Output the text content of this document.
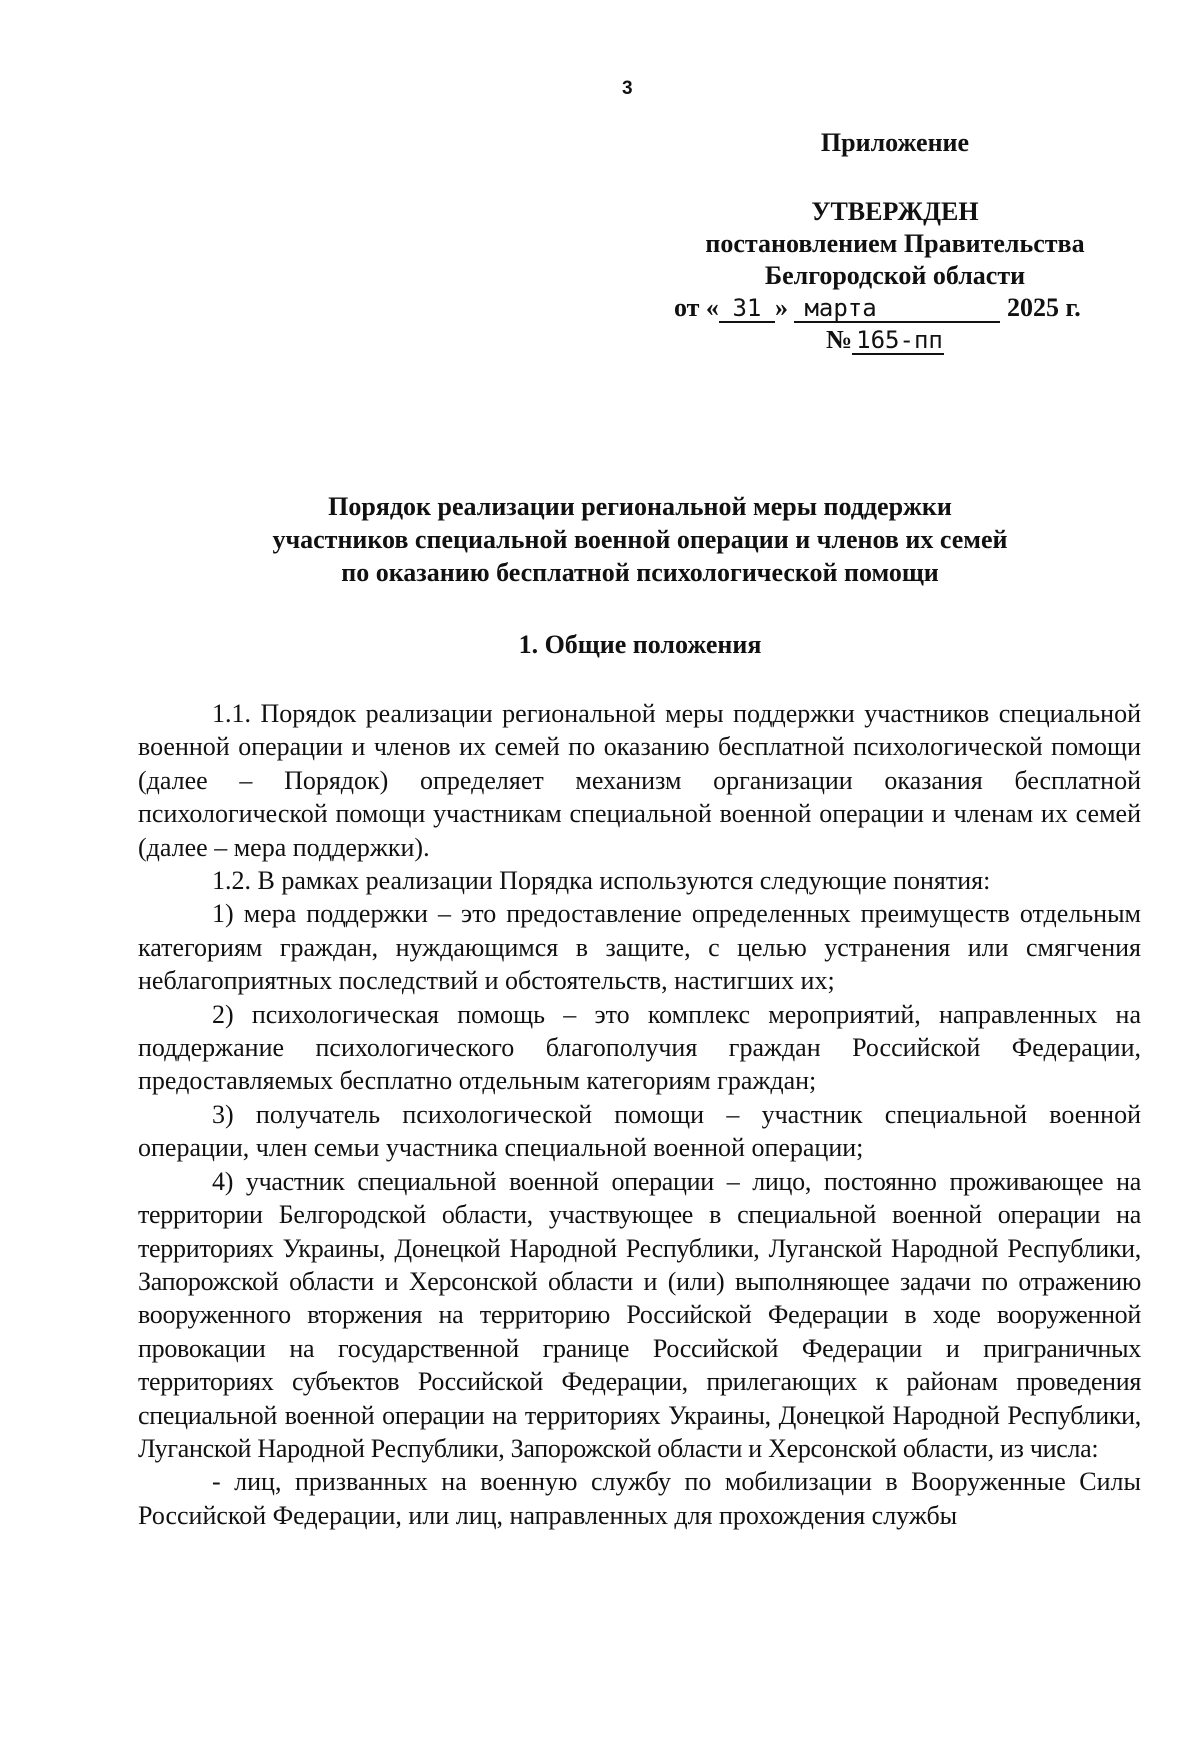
3
Приложение
УТВЕРЖДЕН
постановлением Правительства
Белгородской области
от « 31 » марта	2025 г.
№ 165-пп
Порядок реализации региональной меры поддержки
участников специальной военной операции и членов их семей
по оказанию бесплатной психологической помощи
1. Общие положения

1.1. Порядок реализации региональной меры поддержки участников специальной военной операции и членов их семей по оказанию бесплатной психологической помощи (далее – Порядок) определяет механизм организации оказания бесплатной психологической помощи участникам специальной военной операции и членам их семей (далее – мера поддержки).

1.2. В рамках реализации Порядка используются следующие понятия:

1) мера поддержки – это предоставление определенных преимуществ отдельным категориям граждан, нуждающимся в защите, с целью устранения или смягчения неблагоприятных последствий и обстоятельств, настигших их;

2) психологическая помощь – это комплекс мероприятий, направленных на поддержание психологического благополучия граждан Российской Федерации, предоставляемых бесплатно отдельным категориям граждан;

3) получатель психологической помощи – участник специальной военной операции, член семьи участника специальной военной операции;

4) участник специальной военной операции – лицо, постоянно проживающее на территории Белгородской области, участвующее в специальной военной операции на территориях Украины, Донецкой Народной Республики, Луганской Народной Республики, Запорожской области и Херсонской области и (или) выполняющее задачи по отражению вооруженного вторжения на территорию Российской Федерации в ходе вооруженной провокации на государственной границе Российской Федерации и приграничных территориях субъектов Российской Федерации, прилегающих к районам проведения специальной военной операции на территориях Украины, Донецкой Народной Республики, Луганской Народной Республики, Запорожской области и Херсонской области, из числа:

- лиц, призванных на военную службу по мобилизации в Вооруженные Силы Российской Федерации, или лиц, направленных для прохождения службы
